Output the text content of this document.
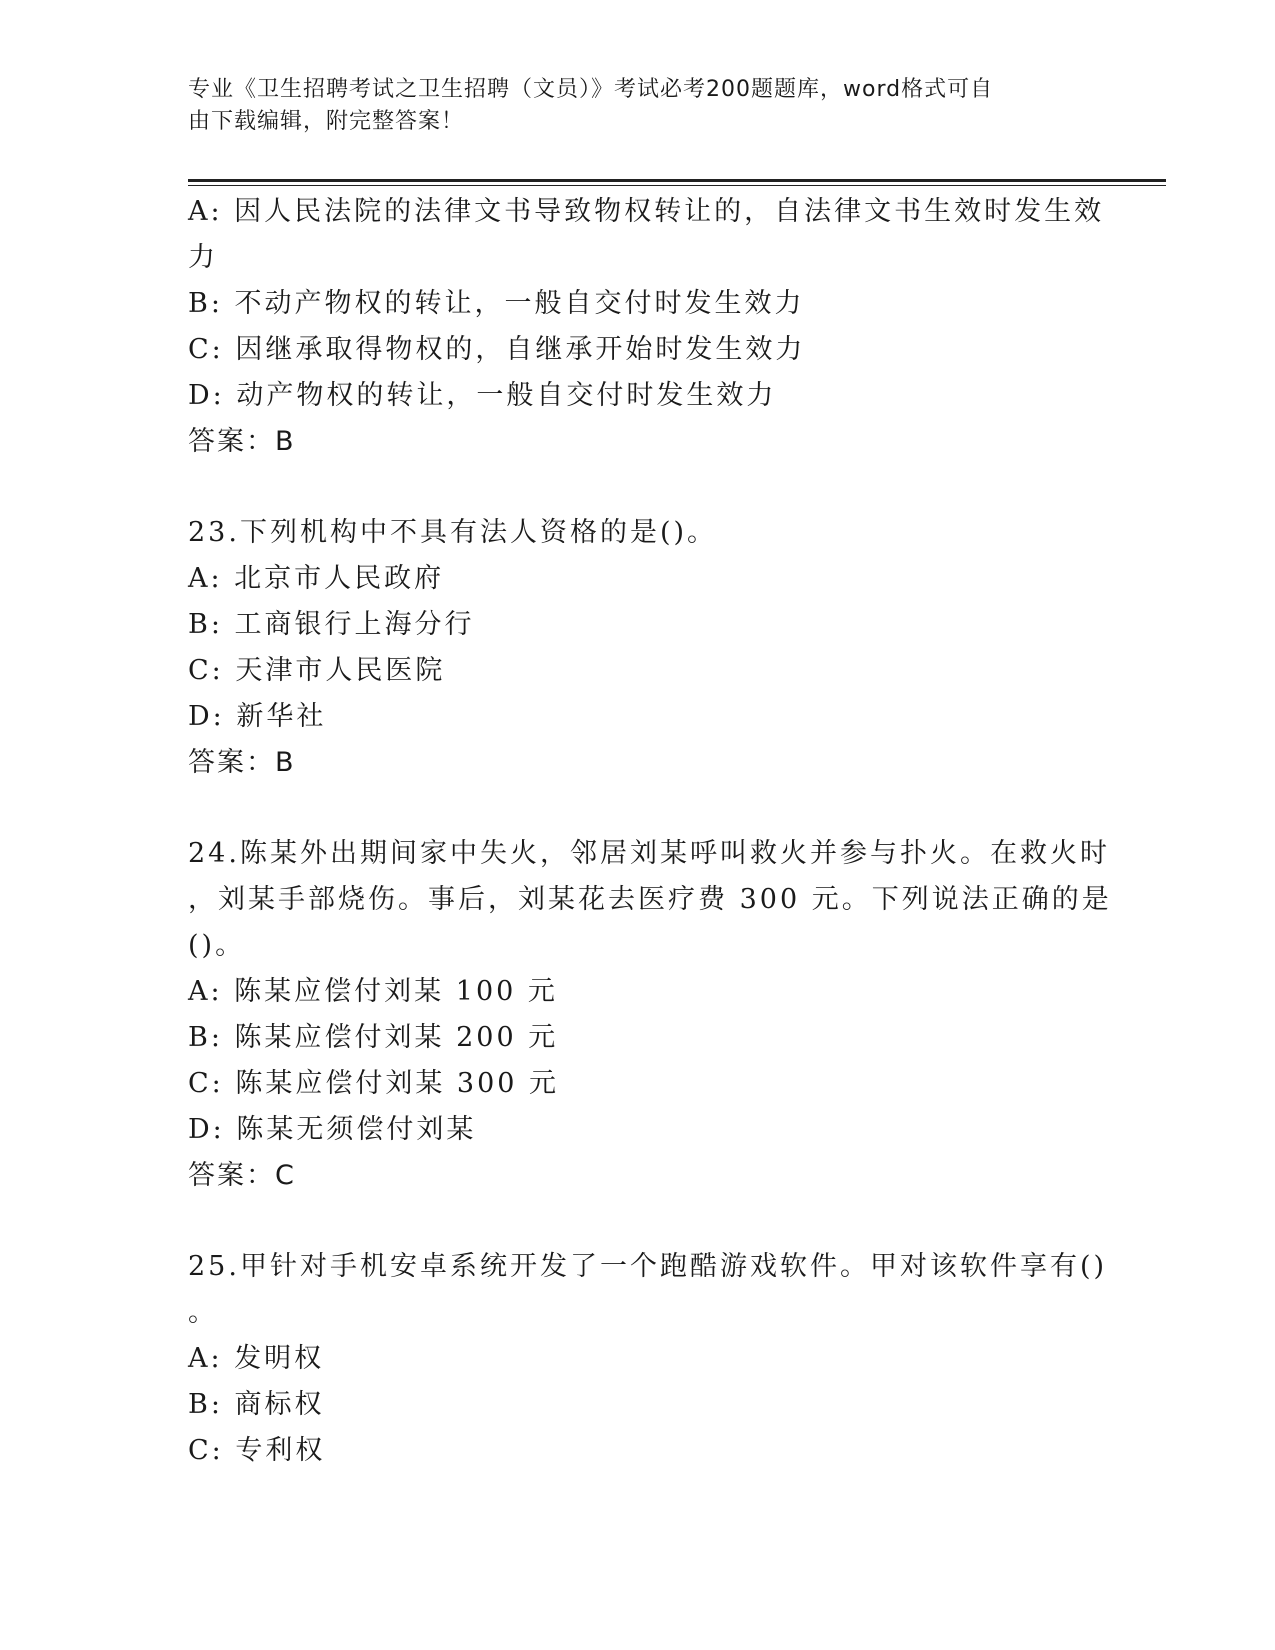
专业《卫生招聘考试之卫生招聘（文员）》考试必考200题题库，word格式可自
由下载编辑，附完整答案！

A: 因人民法院的法律文书导致物权转让的，自法律文书生效时发生效

力

B: 不动产物权的转让，一般自交付时发生效力

C: 因继承取得物权的，自继承开始时发生效力

D: 动产物权的转让，一般自交付时发生效力

答案：B

23.下列机构中不具有法人资格的是()。

A: 北京市人民政府

B: 工商银行上海分行

C: 天津市人民医院

D: 新华社

答案：B

24.陈某外出期间家中失火，邻居刘某呼叫救火并参与扑火。在救火时

，刘某手部烧伤。事后，刘某花去医疗费 300 元。下列说法正确的是

()。

A: 陈某应偿付刘某 100 元

B: 陈某应偿付刘某 200 元

C: 陈某应偿付刘某 300 元

D: 陈某无须偿付刘某

答案：C

25.甲针对手机安卓系统开发了一个跑酷游戏软件。甲对该软件享有()

。

A: 发明权

B: 商标权

C: 专利权
